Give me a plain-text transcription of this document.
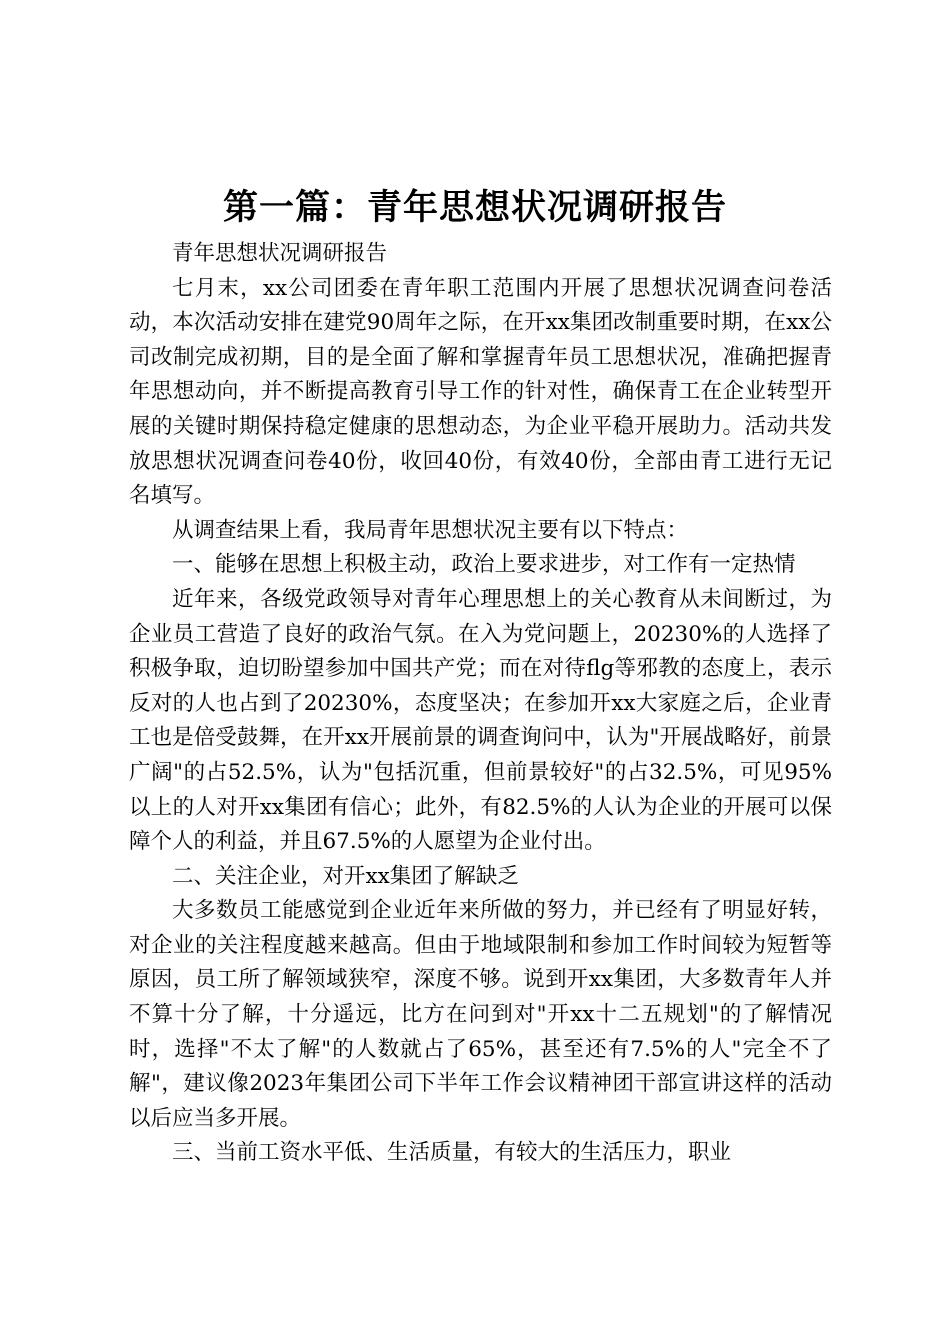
第一篇：青年思想状况调研报告

青年思想状况调研报告

七月末，xx公司团委在青年职工范围内开展了思想状况调查问卷活动，本次活动安排在建党90周年之际，在开xx集团改制重要时期，在xx公司改制完成初期，目的是全面了解和掌握青年员工思想状况，准确把握青年思想动向，并不断提高教育引导工作的针对性，确保青工在企业转型开展的关键时期保持稳定健康的思想动态，为企业平稳开展助力。活动共发放思想状况调查问卷40份，收回40份，有效40份，全部由青工进行无记名填写。

从调查结果上看，我局青年思想状况主要有以下特点：

一、能够在思想上积极主动，政治上要求进步，对工作有一定热情

近年来，各级党政领导对青年心理思想上的关心教育从未间断过，为企业员工营造了良好的政治气氛。在入为党问题上，20230%的人选择了积极争取，迫切盼望参加中国共产党；而在对待flg等邪教的态度上，表示反对的人也占到了20230%，态度坚决；在参加开xx大家庭之后，企业青工也是倍受鼓舞，在开xx开展前景的调查询问中，认为"开展战略好，前景广阔"的占52.5%，认为"包括沉重，但前景较好"的占32.5%，可见95%以上的人对开xx集团有信心；此外，有82.5%的人认为企业的开展可以保障个人的利益，并且67.5%的人愿望为企业付出。

二、关注企业，对开xx集团了解缺乏

大多数员工能感觉到企业近年来所做的努力，并已经有了明显好转，对企业的关注程度越来越高。但由于地域限制和参加工作时间较为短暂等原因，员工所了解领域狭窄，深度不够。说到开xx集团，大多数青年人并不算十分了解，十分遥远，比方在问到对"开xx十二五规划"的了解情况时，选择"不太了解"的人数就占了65%，甚至还有7.5%的人"完全不了解"，建议像2023年集团公司下半年工作会议精神团干部宣讲这样的活动以后应当多开展。

三、当前工资水平低、生活质量，有较大的生活压力，职业
